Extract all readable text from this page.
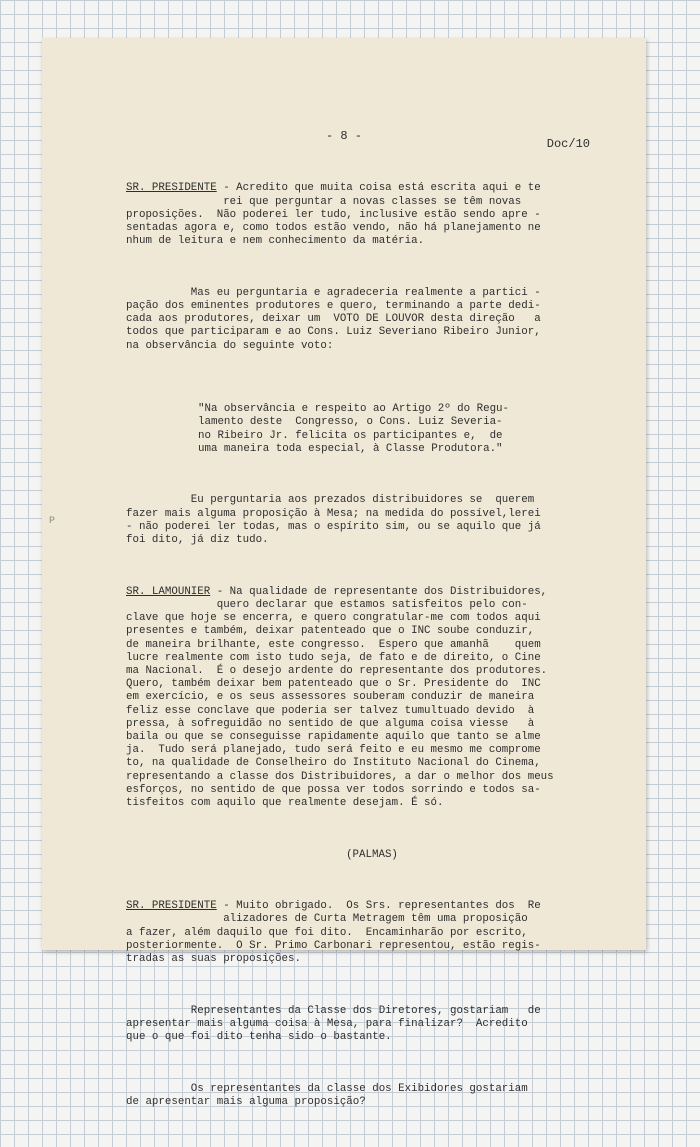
- 8 -
Doc/10

SR. PRESIDENTE - Acredito que muita coisa está escrita aqui e te
rei que perguntar a novas classes se têm novas
proposições.  Não poderei ler tudo, inclusive estão sendo apre -
sentadas agora e, como todos estão vendo, não há planejamento ne
nhum de leitura e nem conhecimento da matéria.

Mas eu perguntaria e agradeceria realmente a partici -
pação dos eminentes produtores e quero, terminando a parte dedi-
cada aos produtores, deixar um  VOTO DE LOUVOR desta direção   a
todos que participaram e ao Cons. Luiz Severiano Ribeiro Junior,
na observância do seguinte voto:

"Na observância e respeito ao Artigo 2º do Regu-
lamento deste  Congresso, o Cons. Luiz Severia-
no Ribeiro Jr. felicita os participantes e,  de
uma maneira toda especial, à Classe Produtora."

Eu perguntaria aos prezados distribuidores se  querem
fazer mais alguma proposição à Mesa; na medida do possível,lerei
- não poderei ler todas, mas o espírito sim, ou se aquilo que já
foi dito, já diz tudo.

SR. LAMOUNIER - Na qualidade de representante dos Distribuidores,
quero declarar que estamos satisfeitos pelo con-
clave que hoje se encerra, e quero congratular-me com todos aqui
presentes e também, deixar patenteado que o INC soube conduzir,
de maneira brilhante, este congresso.  Espero que amanhã    quem
lucre realmente com isto tudo seja, de fato e de direito, o Cine
ma Nacional.  É o desejo ardente do representante dos produtores.
Quero, também deixar bem patenteado que o Sr. Presidente do  INC
em exercício, e os seus assessores souberam conduzir de maneira
feliz esse conclave que poderia ser talvez tumultuado devido  à
pressa, à sofreguidão no sentido de que alguma coisa viesse   à
baila ou que se conseguisse rapidamente aquilo que tanto se alme
ja.  Tudo será planejado, tudo será feito e eu mesmo me comprome
to, na qualidade de Conselheiro do Instituto Nacional do Cinema,
representando a classe dos Distribuidores, a dar o melhor dos meus
esforços, no sentido de que possa ver todos sorrindo e todos sa-
tisfeitos com aquilo que realmente desejam. É só.

(PALMAS)

SR. PRESIDENTE - Muito obrigado.  Os Srs. representantes dos  Re
alizadores de Curta Metragem têm uma proposição
a fazer, além daquilo que foi dito.  Encaminharão por escrito,
posteriormente.  O Sr. Primo Carbonari representou, estão regis-
tradas as suas proposições.

Representantes da Classe dos Diretores, gostariam   de
apresentar mais alguma coisa à Mesa, para finalizar?  Acredito
que o que foi dito tenha sido o bastante.

Os representantes da classe dos Exibidores gostariam
de apresentar mais alguma proposição?

P
